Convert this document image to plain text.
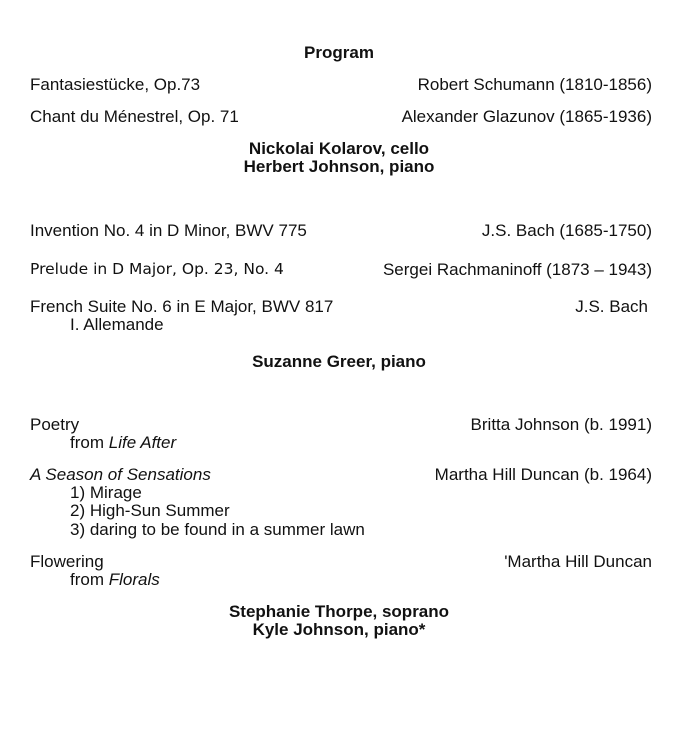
Program
Fantasiestücke, Op.73	Robert Schumann (1810-1856)
Chant du Ménestrel, Op. 71	Alexander Glazunov (1865-1936)
Nickolai Kolarov, cello
Herbert Johnson, piano
Invention No. 4 in D Minor, BWV 775	J.S. Bach (1685-1750)
Prelude in D Major, Op. 23, No. 4	Sergei Rachmaninoff (1873 – 1943)
French Suite No. 6 in E Major, BWV 817	J.S. Bach
I. Allemande
Suzanne Greer, piano
Poetry	Britta Johnson (b. 1991)
from Life After
A Season of Sensations	Martha Hill Duncan (b. 1964)
1) Mirage
2) High-Sun Summer
3) daring to be found in a summer lawn
Flowering	'Martha Hill Duncan
from Florals
Stephanie Thorpe, soprano
Kyle Johnson, piano*
